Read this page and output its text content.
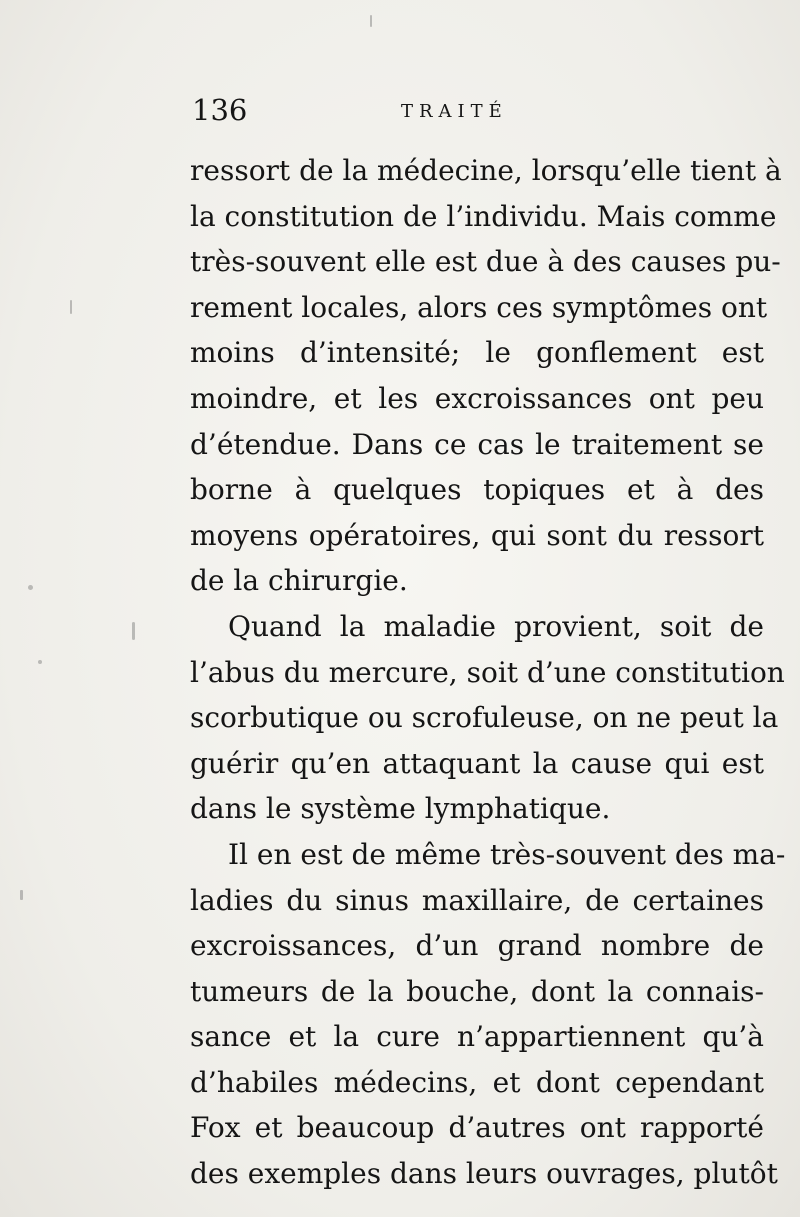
136	TRAITÉ
ressort de la médecine, lorsqu’elle tient à
la constitution de l’individu. Mais comme
très-souvent elle est due à des causes pu-
rement locales, alors ces symptômes ont
moins d’intensité; le gonflement est
moindre, et les excroissances ont peu
d’étendue. Dans ce cas le traitement se
borne à quelques topiques et à des
moyens opératoires, qui sont du ressort
de la chirurgie.
Quand la maladie provient, soit de
l’abus du mercure, soit d’une constitution
scorbutique ou scrofuleuse, on ne peut la
guérir qu’en attaquant la cause qui est
dans le système lymphatique.
Il en est de même très-souvent des ma-
ladies du sinus maxillaire, de certaines
excroissances, d’un grand nombre de
tumeurs de la bouche, dont la connais-
sance et la cure n’appartiennent qu’à
d’habiles médecins, et dont cependant
Fox et beaucoup d’autres ont rapporté
des exemples dans leurs ouvrages, plutôt
